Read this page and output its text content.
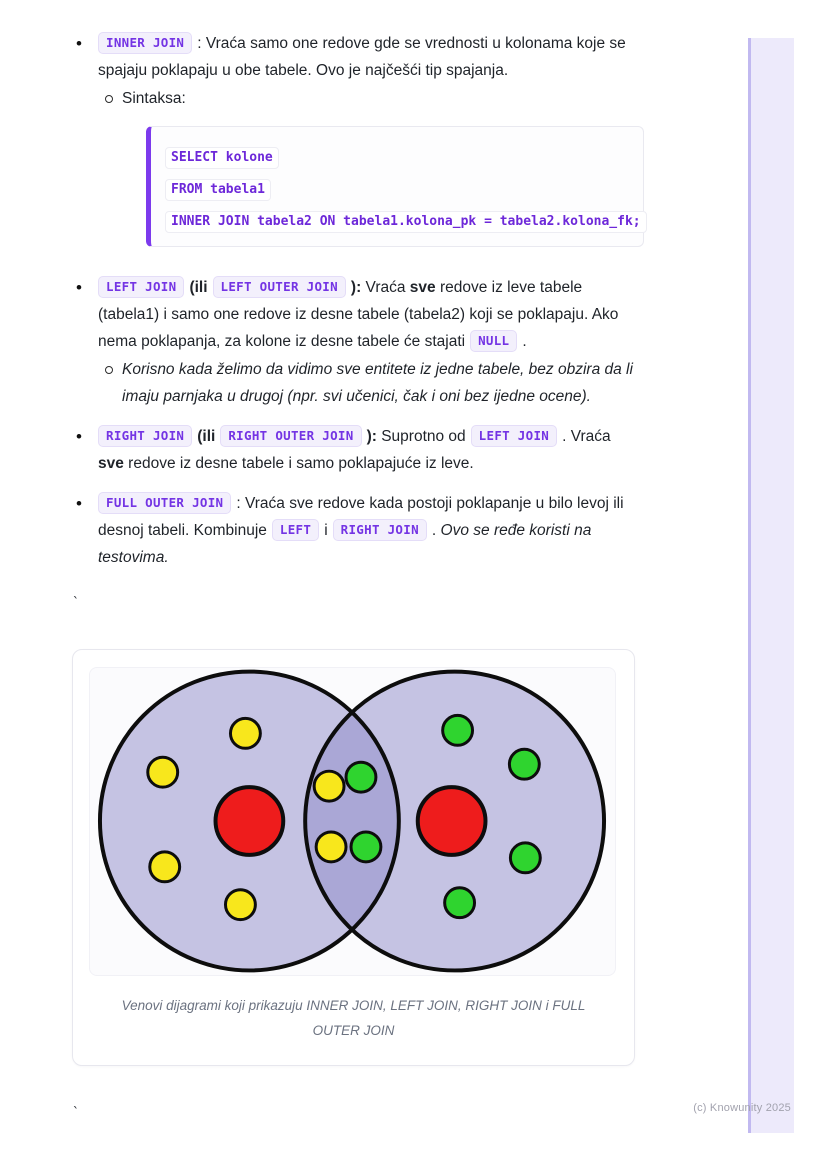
• INNER JOIN : Vraća samo one redove gde se vrednosti u kolonama koje se spajaju poklapaju u obe tabele. Ovo je najčešći tip spajanja.
Sintaksa:
SELECT kolone
FROM tabela1
INNER JOIN tabela2 ON tabela1.kolona_pk = tabela2.kolona_fk;
• LEFT JOIN (ili LEFT OUTER JOIN ): Vraća sve redove iz leve tabele (tabela1) i samo one redove iz desne tabele (tabela2) koji se poklapaju. Ako nema poklapanja, za kolone iz desne tabele će stajati NULL .
Korisno kada želimo da vidimo sve entitete iz jedne tabele, bez obzira da li imaju parnjaka u drugoj (npr. svi učenici, čak i oni bez ijedne ocene).
• RIGHT JOIN (ili RIGHT OUTER JOIN ): Suprotno od LEFT JOIN . Vraća sve redove iz desne tabele i samo poklapajuće iz leve.
• FULL OUTER JOIN : Vraća sve redove kada postoji poklapanje u bilo levoj ili desnoj tabeli. Kombinuje LEFT i RIGHT JOIN . Ovo se ređe koristi na testovima.

`

Venovi dijagrami koji prikazuju INNER JOIN, LEFT JOIN, RIGHT JOIN i FULL OUTER JOIN

`	(c) Knowunity 2025
